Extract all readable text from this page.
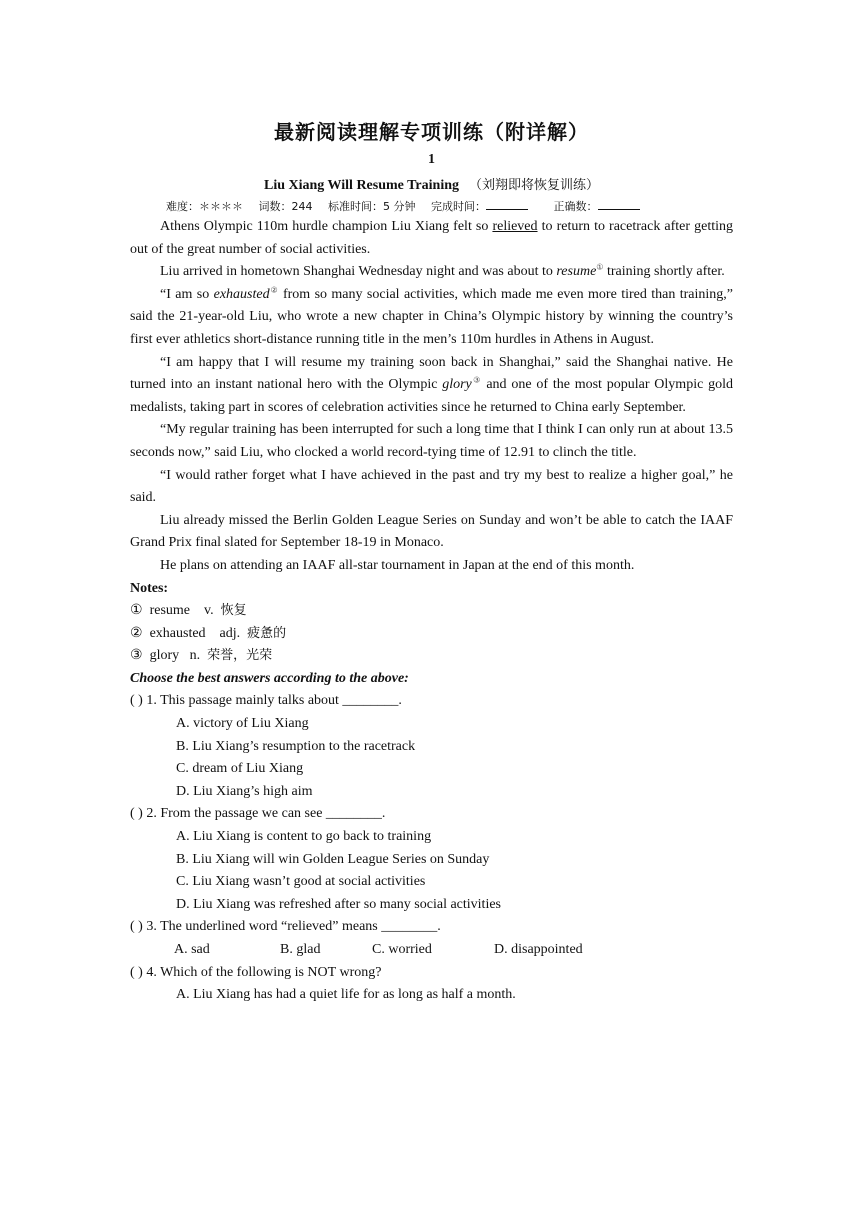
最新阅读理解专项训练（附详解）
1
Liu Xiang Will Resume Training （刘翔即将恢复训练）
难度：＊＊＊＊ 词数：244 标准时间：5 分钟 完成时间：	正确数：

Athens Olympic 110m hurdle champion Liu Xiang felt so relieved to return to racetrack after getting out of the great number of social activities.

Liu arrived in hometown Shanghai Wednesday night and was about to resume① training shortly after.

“I am so exhausted② from so many social activities, which made me even more tired than training,” said the 21-year-old Liu, who wrote a new chapter in China’s Olympic history by winning the country’s first ever athletics short-distance running title in the men’s 110m hurdles in Athens in August.

“I am happy that I will resume my training soon back in Shanghai,” said the Shanghai native. He turned into an instant national hero with the Olympic glory③ and one of the most popular Olympic gold medalists, taking part in scores of celebration activities since he returned to China early September.

“My regular training has been interrupted for such a long time that I think I can only run at about 13.5 seconds now,” said Liu, who clocked a world record-tying time of 12.91 to clinch the title.

“I would rather forget what I have achieved in the past and try my best to realize a higher goal,” he said.

Liu already missed the Berlin Golden League Series on Sunday and won’t be able to catch the IAAF Grand Prix final slated for September 18-19 in Monaco.

He plans on attending an IAAF all-star tournament in Japan at the end of this month.

Notes:
① resume v. 恢复
② exhausted adj. 疲惫的
③ glory n. 荣誉，光荣
Choose the best answers according to the above:
( ) 1. This passage mainly talks about ________.
A. victory of Liu Xiang
B. Liu Xiang’s resumption to the racetrack
C. dream of Liu Xiang
D. Liu Xiang’s high aim
( ) 2. From the passage we can see ________.
A. Liu Xiang is content to go back to training
B. Liu Xiang will win Golden League Series on Sunday
C. Liu Xiang wasn’t good at social activities
D. Liu Xiang was refreshed after so many social activities
( ) 3. The underlined word “relieved” means ________.
A. sad	B. glad	C. worried	D. disappointed
( ) 4. Which of the following is NOT wrong?
A. Liu Xiang has had a quiet life for as long as half a month.
